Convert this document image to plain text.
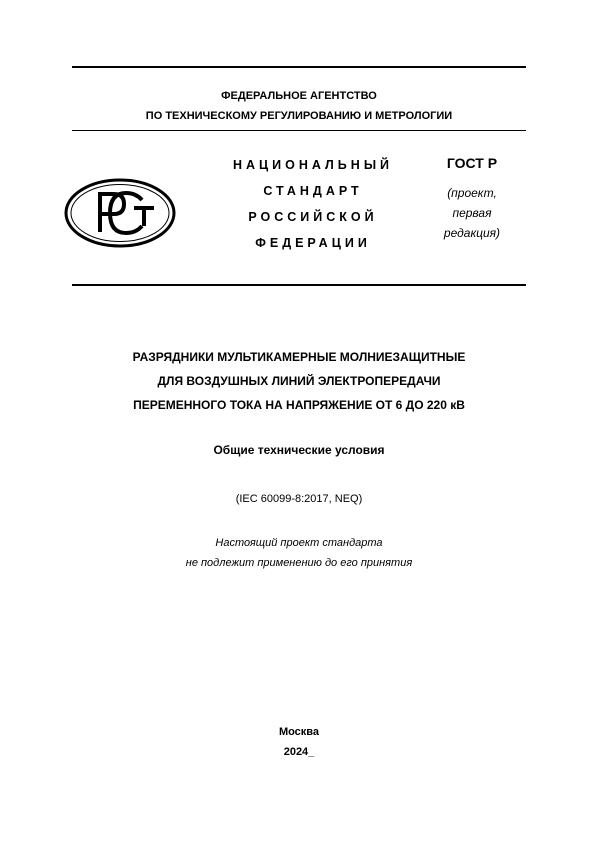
ФЕДЕРАЛЬНОЕ АГЕНТСТВО
ПО ТЕХНИЧЕСКОМУ РЕГУЛИРОВАНИЮ И МЕТРОЛОГИИ
НАЦИОНАЛЬНЫЙ
СТАНДАРТ
РОССИЙСКОЙ
ФЕДЕРАЦИИ
ГОСТ Р
(проект,
первая редакция)
РАЗРЯДНИКИ МУЛЬТИКАМЕРНЫЕ МОЛНИЕЗАЩИТНЫЕ
ДЛЯ ВОЗДУШНЫХ ЛИНИЙ ЭЛЕКТРОПЕРЕДАЧИ
ПЕРЕМЕННОГО ТОКА НА НАПРЯЖЕНИЕ ОТ 6 ДО 220 кВ
Общие технические условия
(IEC 60099-8:2017, NEQ)
Настоящий проект стандарта
не подлежит применению до его принятия
Москва
2024_
